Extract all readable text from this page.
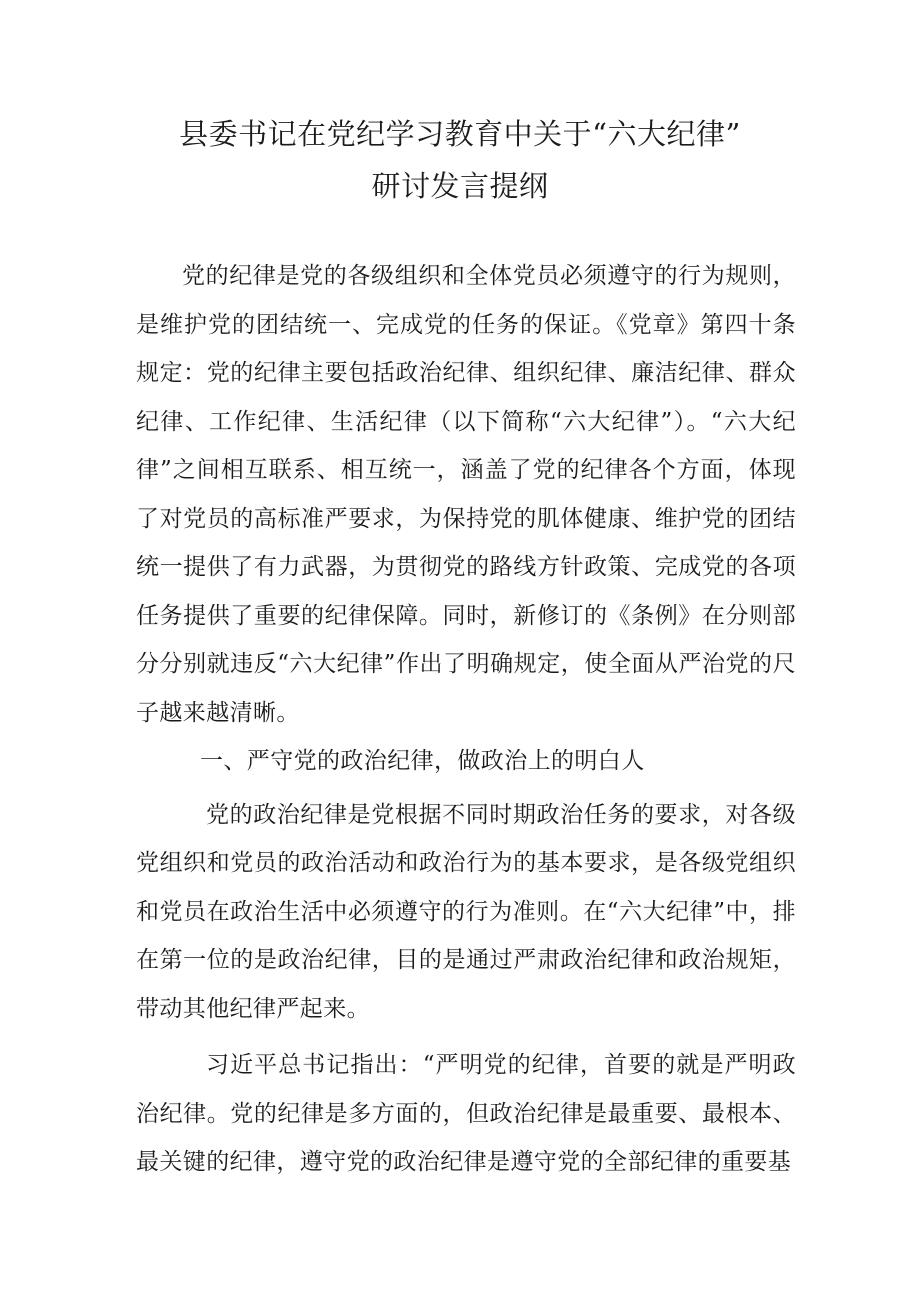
县委书记在党纪学习教育中关于“六大纪律”
研讨发言提纲

党的纪律是党的各级组织和全体党员必须遵守的行为规则，是维护党的团结统一、完成党的任务的保证。《党章》第四十条规定：党的纪律主要包括政治纪律、组织纪律、廉洁纪律、群众纪律、工作纪律、生活纪律（以下简称“六大纪律”）。“六大纪律”之间相互联系、相互统一，涵盖了党的纪律各个方面，体现了对党员的高标准严要求，为保持党的肌体健康、维护党的团结统一提供了有力武器，为贯彻党的路线方针政策、完成党的各项任务提供了重要的纪律保障。同时，新修订的《条例》在分则部分分别就违反“六大纪律”作出了明确规定，使全面从严治党的尺子越来越清晰。

一、严守党的政治纪律，做政治上的明白人

党的政治纪律是党根据不同时期政治任务的要求，对各级党组织和党员的政治活动和政治行为的基本要求，是各级党组织和党员在政治生活中必须遵守的行为准则。在“六大纪律”中，排在第一位的是政治纪律，目的是通过严肃政治纪律和政治规矩，带动其他纪律严起来。

习近平总书记指出：“严明党的纪律，首要的就是严明政治纪律。党的纪律是多方面的，但政治纪律是最重要、最根本、最关键的纪律，遵守党的政治纪律是遵守党的全部纪律的重要基
